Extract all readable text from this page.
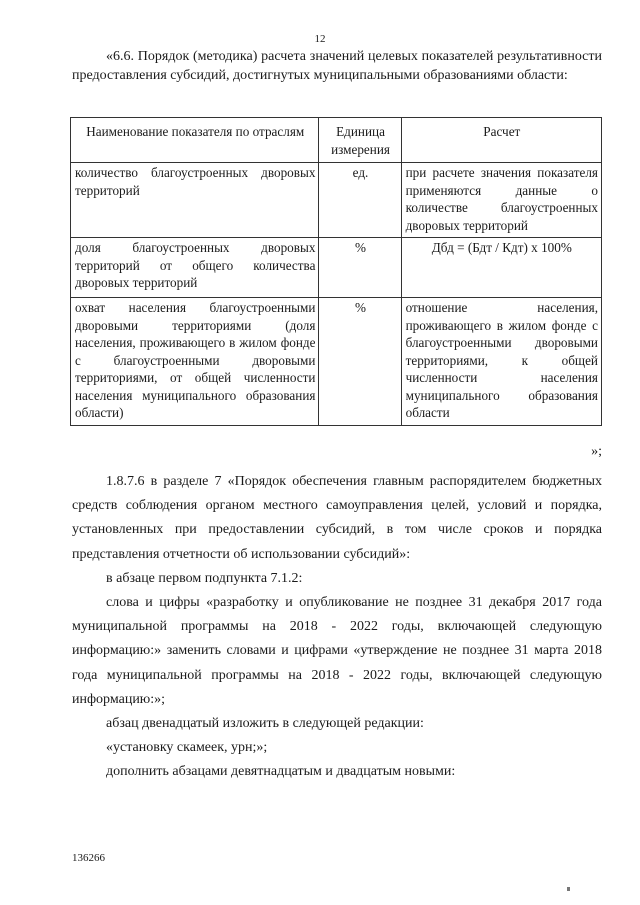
12

«6.6. Порядок (методика) расчета значений целевых показателей результативности предоставления субсидий, достигнутых муниципальными образованиями области:

Наименование показателя по отраслям	Единица измерения	Расчет
количество благоустроенных дворовых территорий	ед.	при расчете значения показателя применяются данные о количестве благоустроенных дворовых территорий
доля благоустроенных дворовых территорий от общего количества дворовых территорий	%	Дбд = (Бдт / Кдт) х 100%
охват населения благоустроенными дворовыми территориями (доля населения, проживающего в жилом фонде с благоустроенными дворовыми территориями, от общей численности населения муниципального образования области)	%	отношение населения, проживающего в жилом фонде с благоустроенными дворовыми территориями, к общей численности населения муниципального образования области
»;

1.8.7.6 в разделе 7 «Порядок обеспечения главным распорядителем бюджетных средств соблюдения органом местного самоуправления целей, условий и порядка, установленных при предоставлении субсидий, в том числе сроков и порядка представления отчетности об использовании субсидий»:

в абзаце первом подпункта 7.1.2:

слова и цифры «разработку и опубликование не позднее 31 декабря 2017 года муниципальной программы на 2018 - 2022 годы, включающей следующую информацию:» заменить словами и цифрами «утверждение не позднее 31 марта 2018 года муниципальной программы на 2018 - 2022 годы, включающей следующую информацию:»;

абзац двенадцатый изложить в следующей редакции:

«установку скамеек, урн;»;

дополнить абзацами девятнадцатым и двадцатым новыми:

136266
